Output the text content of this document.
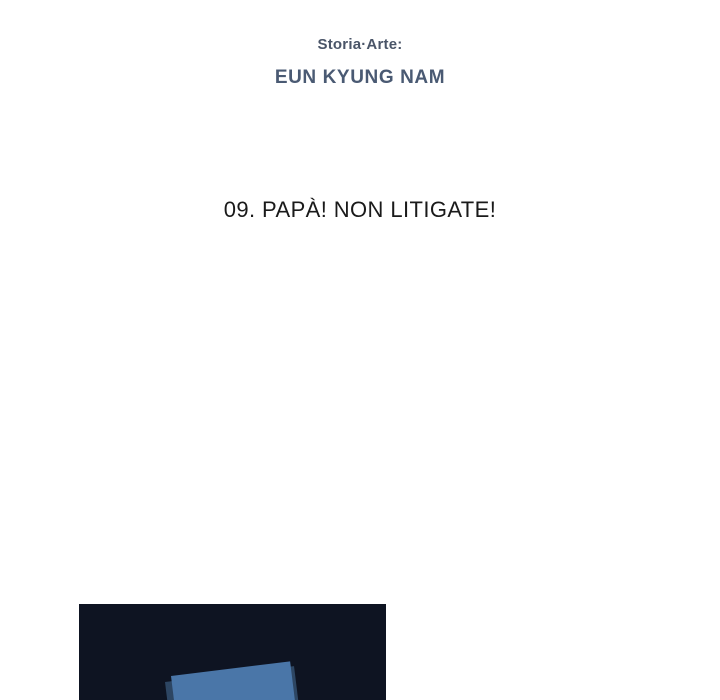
Storia·Arte:
EUN KYUNG NAM
09. PAPÀ! NON LITIGATE!
